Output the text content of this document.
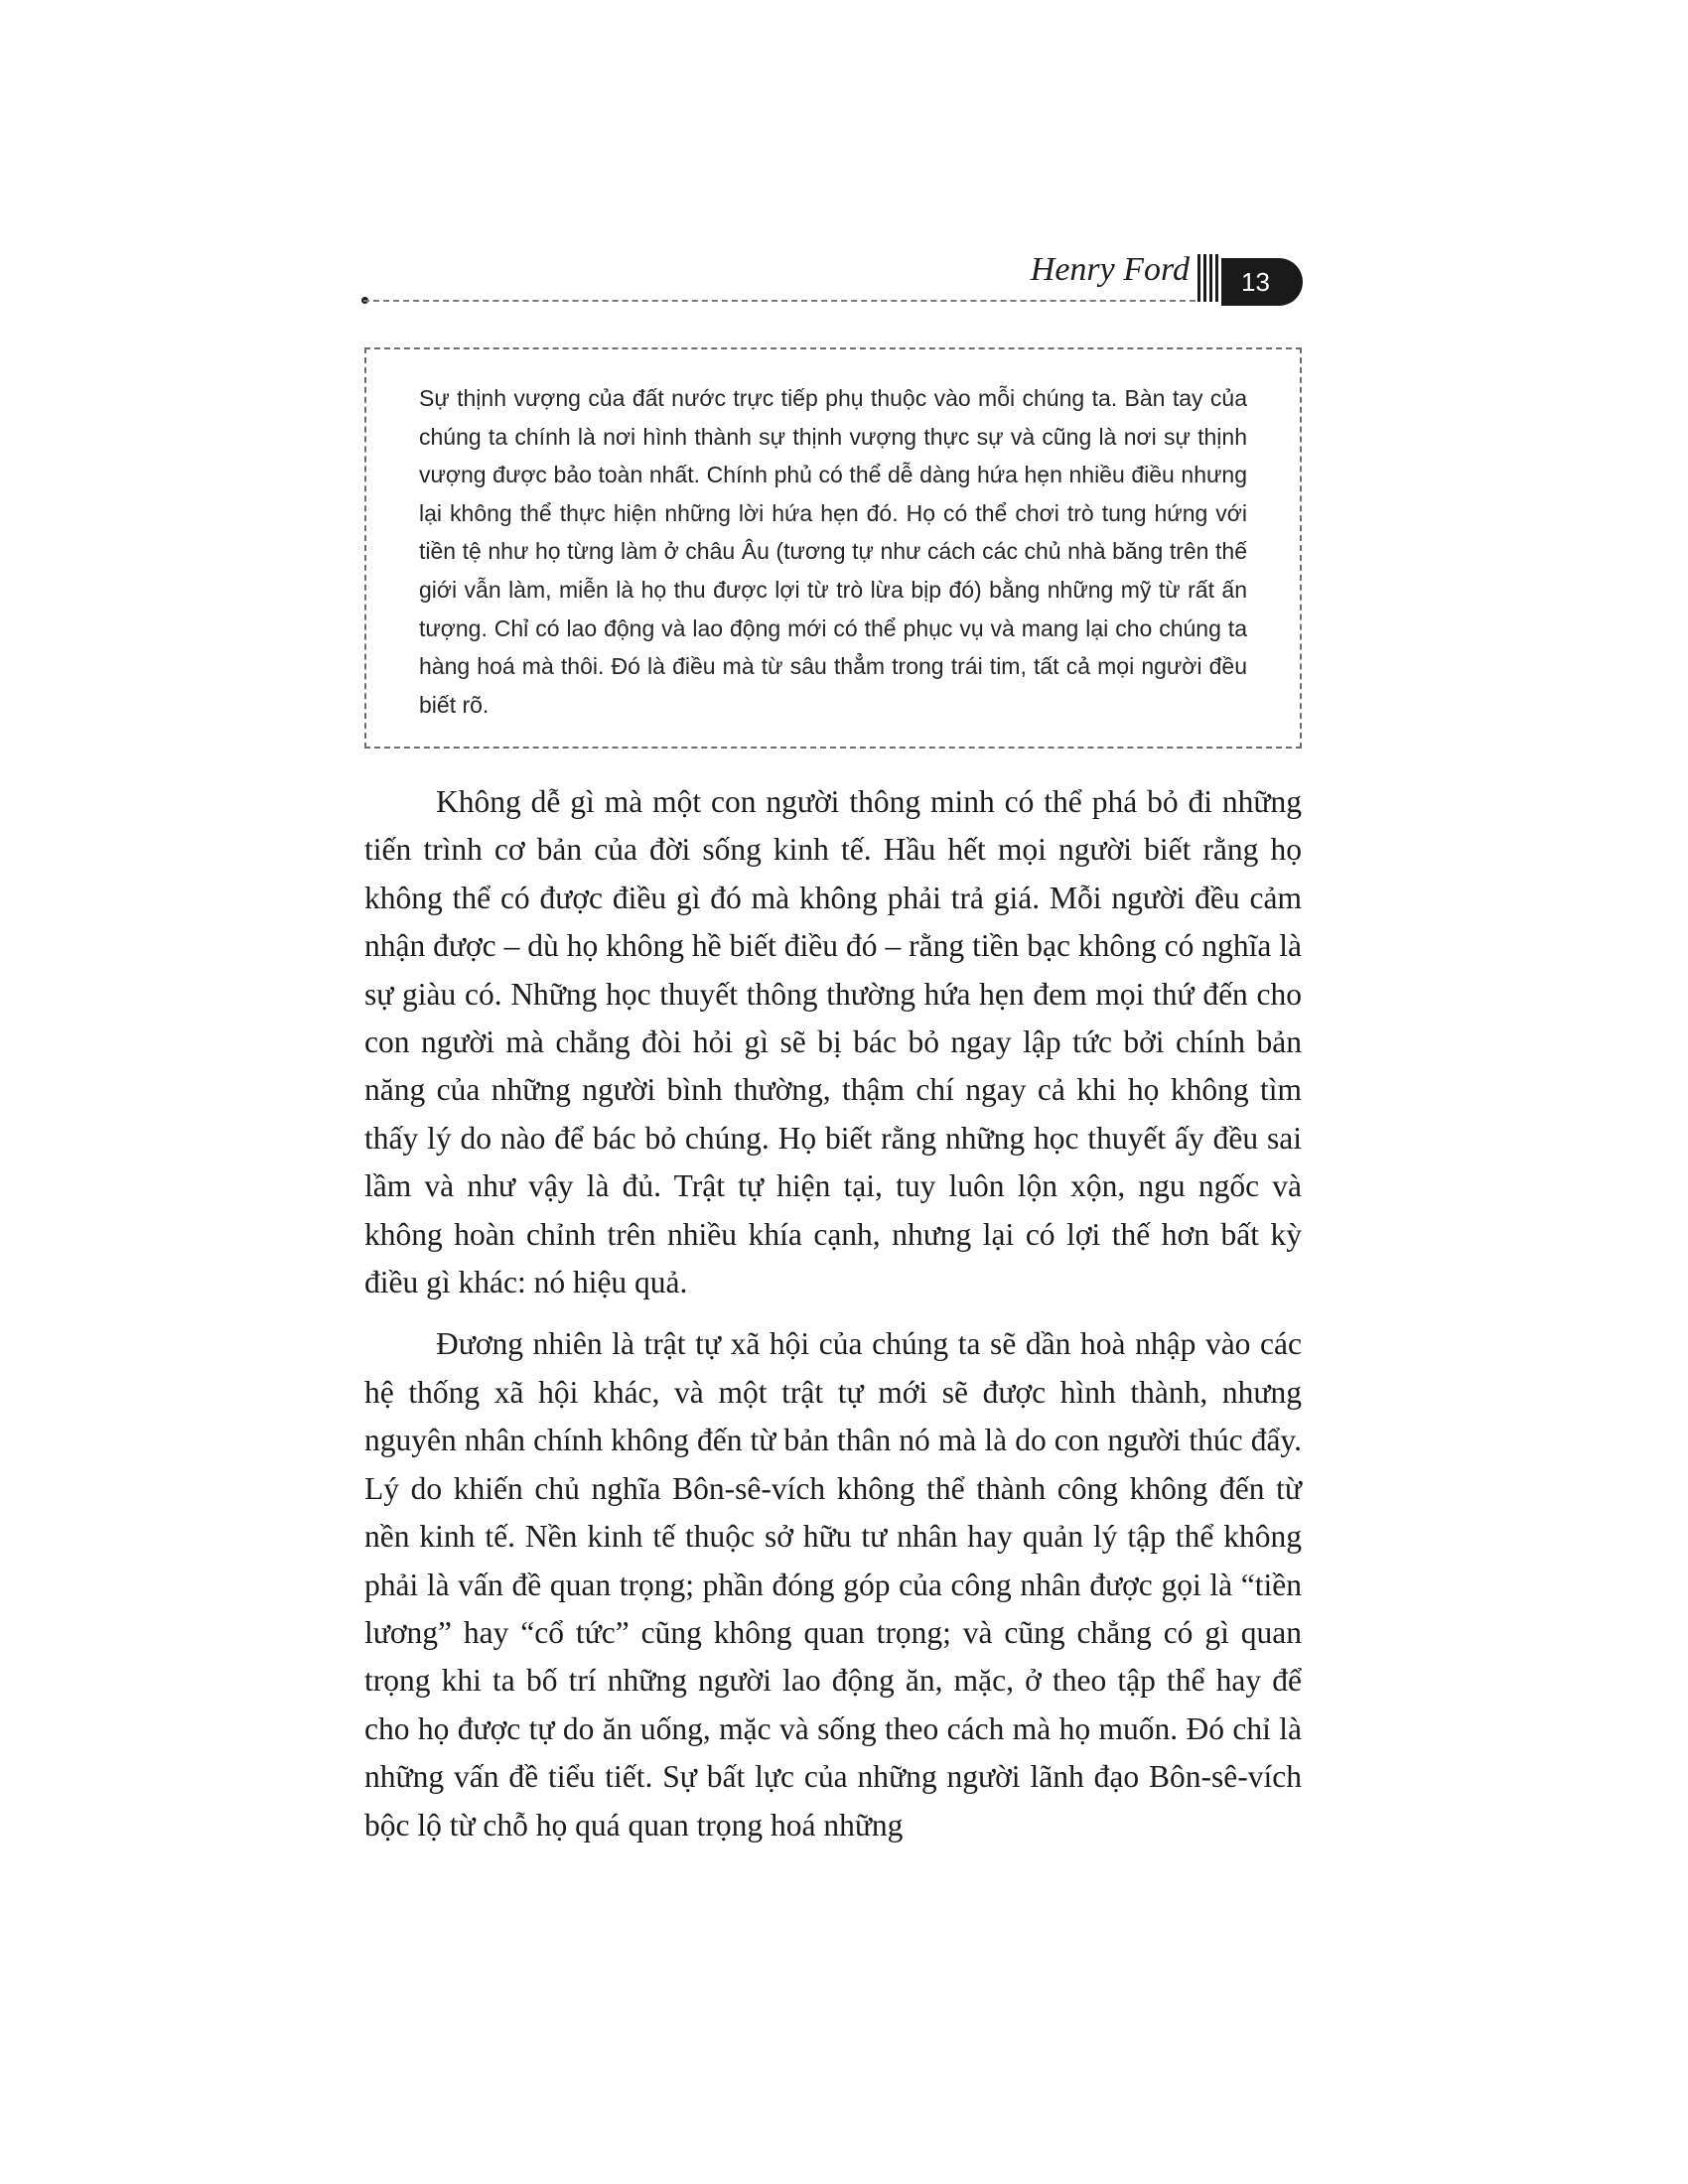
Henry Ford	13

Sự thịnh vượng của đất nước trực tiếp phụ thuộc vào mỗi chúng ta. Bàn tay của chúng ta chính là nơi hình thành sự thịnh vượng thực sự và cũng là nơi sự thịnh vượng được bảo toàn nhất. Chính phủ có thể dễ dàng hứa hẹn nhiều điều nhưng lại không thể thực hiện những lời hứa hẹn đó. Họ có thể chơi trò tung hứng với tiền tệ như họ từng làm ở châu Âu (tương tự như cách các chủ nhà băng trên thế giới vẫn làm, miễn là họ thu được lợi từ trò lừa bịp đó) bằng những mỹ từ rất ấn tượng. Chỉ có lao động và lao động mới có thể phục vụ và mang lại cho chúng ta hàng hoá mà thôi. Đó là điều mà từ sâu thẳm trong trái tim, tất cả mọi người đều biết rõ.

Không dễ gì mà một con người thông minh có thể phá bỏ đi những tiến trình cơ bản của đời sống kinh tế. Hầu hết mọi người biết rằng họ không thể có được điều gì đó mà không phải trả giá. Mỗi người đều cảm nhận được – dù họ không hề biết điều đó – rằng tiền bạc không có nghĩa là sự giàu có. Những học thuyết thông thường hứa hẹn đem mọi thứ đến cho con người mà chẳng đòi hỏi gì sẽ bị bác bỏ ngay lập tức bởi chính bản năng của những người bình thường, thậm chí ngay cả khi họ không tìm thấy lý do nào để bác bỏ chúng. Họ biết rằng những học thuyết ấy đều sai lầm và như vậy là đủ. Trật tự hiện tại, tuy luôn lộn xộn, ngu ngốc và không hoàn chỉnh trên nhiều khía cạnh, nhưng lại có lợi thế hơn bất kỳ điều gì khác: nó hiệu quả.

Đương nhiên là trật tự xã hội của chúng ta sẽ dần hoà nhập vào các hệ thống xã hội khác, và một trật tự mới sẽ được hình thành, nhưng nguyên nhân chính không đến từ bản thân nó mà là do con người thúc đẩy. Lý do khiến chủ nghĩa Bôn-sê-vích không thể thành công không đến từ nền kinh tế. Nền kinh tế thuộc sở hữu tư nhân hay quản lý tập thể không phải là vấn đề quan trọng; phần đóng góp của công nhân được gọi là “tiền lương” hay “cổ tức” cũng không quan trọng; và cũng chẳng có gì quan trọng khi ta bố trí những người lao động ăn, mặc, ở theo tập thể hay để cho họ được tự do ăn uống, mặc và sống theo cách mà họ muốn. Đó chỉ là những vấn đề tiểu tiết. Sự bất lực của những người lãnh đạo Bôn-sê-vích bộc lộ từ chỗ họ quá quan trọng hoá những
